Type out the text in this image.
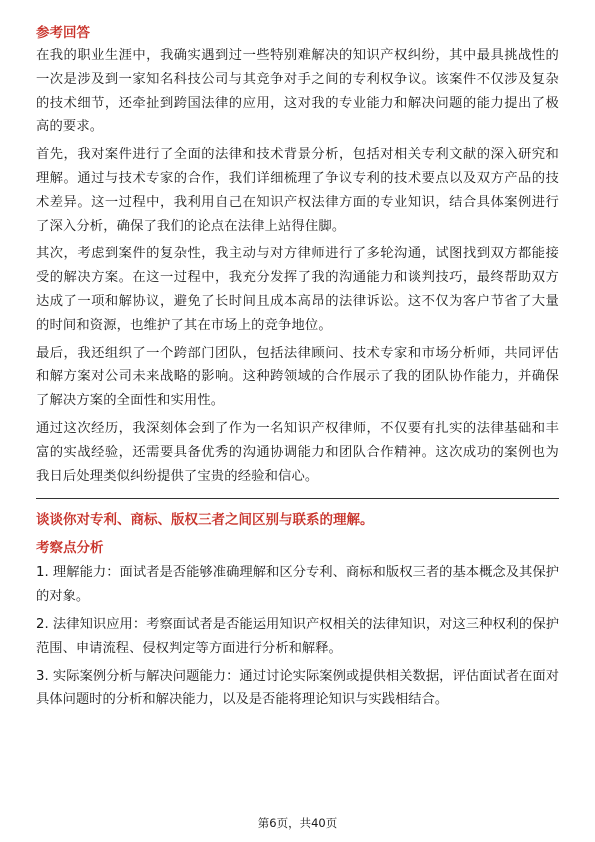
参考回答

在我的职业生涯中，我确实遇到过一些特别难解决的知识产权纠纷，其中最具挑战性的一次是涉及到一家知名科技公司与其竞争对手之间的专利权争议。该案件不仅涉及复杂的技术细节，还牵扯到跨国法律的应用，这对我的专业能力和解决问题的能力提出了极高的要求。

首先，我对案件进行了全面的法律和技术背景分析，包括对相关专利文献的深入研究和理解。通过与技术专家的合作，我们详细梳理了争议专利的技术要点以及双方产品的技术差异。这一过程中，我利用自己在知识产权法律方面的专业知识，结合具体案例进行了深入分析，确保了我们的论点在法律上站得住脚。

其次，考虑到案件的复杂性，我主动与对方律师进行了多轮沟通，试图找到双方都能接受的解决方案。在这一过程中，我充分发挥了我的沟通能力和谈判技巧，最终帮助双方达成了一项和解协议，避免了长时间且成本高昂的法律诉讼。这不仅为客户节省了大量的时间和资源，也维护了其在市场上的竞争地位。

最后，我还组织了一个跨部门团队，包括法律顾问、技术专家和市场分析师，共同评估和解方案对公司未来战略的影响。这种跨领域的合作展示了我的团队协作能力，并确保了解决方案的全面性和实用性。

通过这次经历，我深刻体会到了作为一名知识产权律师，不仅要有扎实的法律基础和丰富的实战经验，还需要具备优秀的沟通协调能力和团队合作精神。这次成功的案例也为我日后处理类似纠纷提供了宝贵的经验和信心。

谈谈你对专利、商标、版权三者之间区别与联系的理解。
考察点分析

1. 理解能力：面试者是否能够准确理解和区分专利、商标和版权三者的基本概念及其保护的对象。

2. 法律知识应用：考察面试者是否能运用知识产权相关的法律知识，对这三种权利的保护范围、申请流程、侵权判定等方面进行分析和解释。

3. 实际案例分析与解决问题能力：通过讨论实际案例或提供相关数据，评估面试者在面对具体问题时的分析和解决能力，以及是否能将理论知识与实践相结合。

第6页，共40页
